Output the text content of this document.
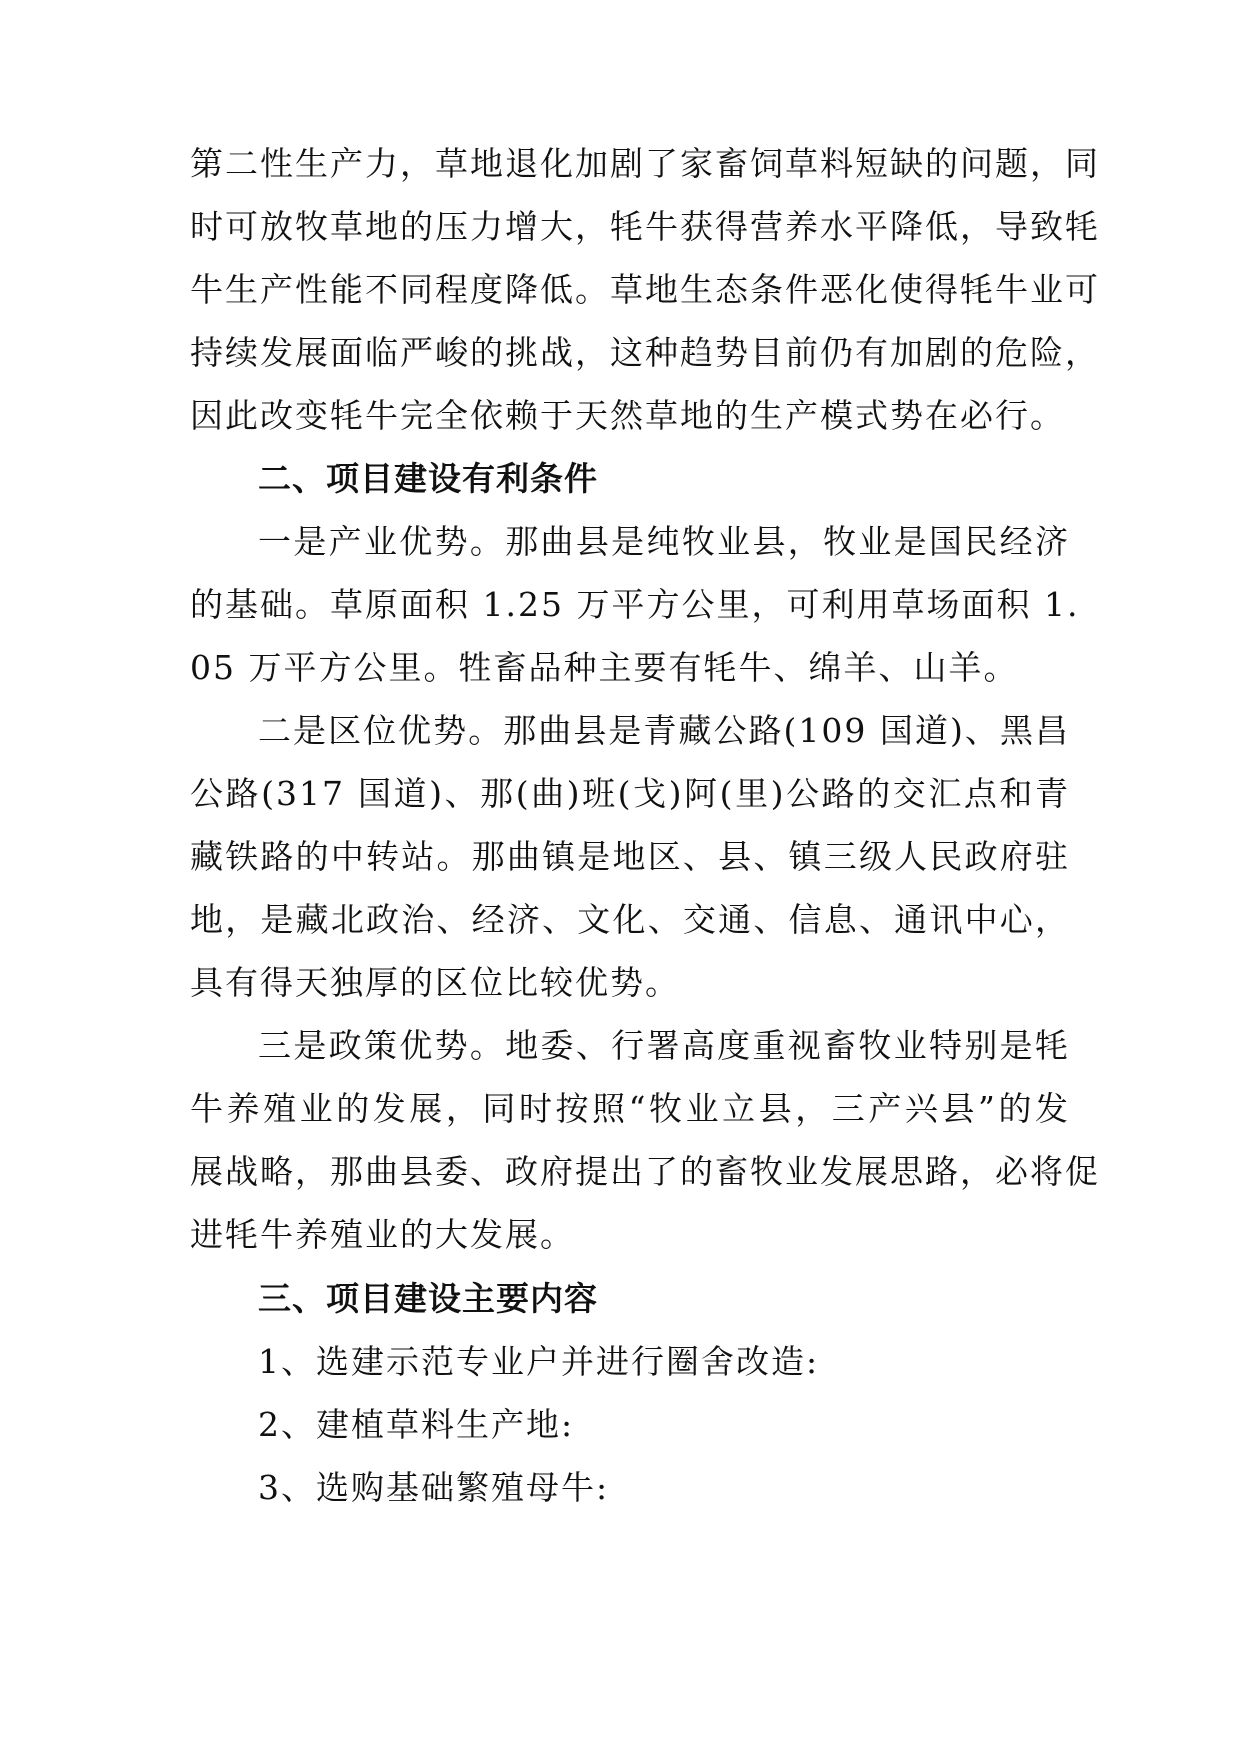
第二性生产力，草地退化加剧了家畜饲草料短缺的问题，同
时可放牧草地的压力增大，牦牛获得营养水平降低，导致牦
牛生产性能不同程度降低。草地生态条件恶化使得牦牛业可
持续发展面临严峻的挑战，这种趋势目前仍有加剧的危险，
因此改变牦牛完全依赖于天然草地的生产模式势在必行。
二、项目建设有利条件
一是产业优势。那曲县是纯牧业县，牧业是国民经济
的基础。草原面积 1.25 万平方公里，可利用草场面积 1.
05 万平方公里。牲畜品种主要有牦牛、绵羊、山羊。
二是区位优势。那曲县是青藏公路(109 国道)、黑昌
公路(317 国道)、那(曲)班(戈)阿(里)公路的交汇点和青
藏铁路的中转站。那曲镇是地区、县、镇三级人民政府驻
地，是藏北政治、经济、文化、交通、信息、通讯中心，
具有得天独厚的区位比较优势。
三是政策优势。地委、行署高度重视畜牧业特别是牦
牛养殖业的发展，同时按照“牧业立县，三产兴县”的发
展战略，那曲县委、政府提出了的畜牧业发展思路，必将促
进牦牛养殖业的大发展。
三、项目建设主要内容
1、选建示范专业户并进行圈舍改造:
2、建植草料生产地:
3、选购基础繁殖母牛:
